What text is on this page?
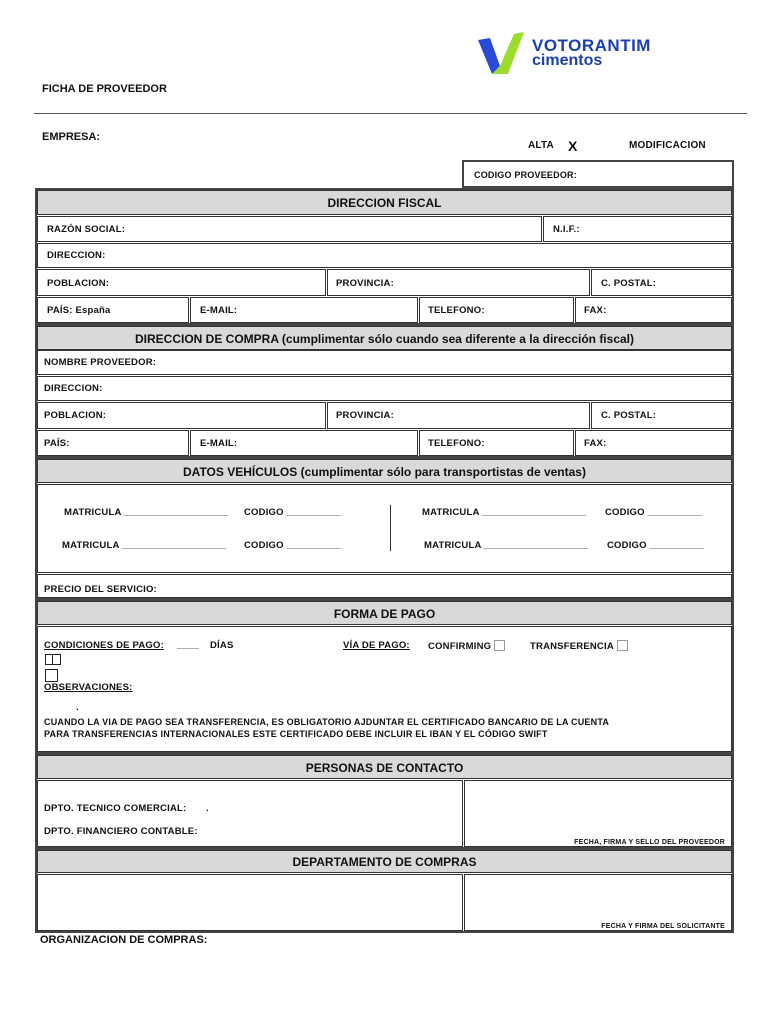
VOTORANTIM
cimentos
FICHA DE PROVEEDOR
EMPRESA:
ALTA X	MODIFICACION
CODIGO PROVEEDOR:
DIRECCION FISCAL
RAZÓN SOCIAL:	N.I.F.:
DIRECCION:
POBLACION:	PROVINCIA:	C. POSTAL:
PAÍS: España	E-MAIL:	TELEFONO:	FAX:
DIRECCION DE COMPRA (cumplimentar sólo cuando sea diferente a la dirección fiscal)
NOMBRE PROVEEDOR:
DIRECCION:
POBLACION:	PROVINCIA:	C. POSTAL:
PAÍS:	E-MAIL:	TELEFONO:	FAX:
DATOS VEHÍCULOS (cumplimentar sólo para transportistas de ventas)
MATRICULA ___________________ CODIGO __________	MATRICULA ___________________ CODIGO __________
MATRICULA ___________________ CODIGO __________	MATRICULA ___________________ CODIGO __________
PRECIO DEL SERVICIO:
FORMA DE PAGO
CONDICIONES DE PAGO: ____ DÍAS	VÍA DE PAGO: CONFIRMING	TRANSFERENCIA
OBSERVACIONES:
.
CUANDO LA VIA DE PAGO SEA TRANSFERENCIA, ES OBLIGATORIO AJDUNTAR EL CERTIFICADO BANCARIO DE LA CUENTA
PARA TRANSFERENCIAS INTERNACIONALES ESTE CERTIFICADO DEBE INCLUIR EL IBAN Y EL CÓDIGO SWIFT
PERSONAS DE CONTACTO
DPTO. TECNICO COMERCIAL: .
DPTO. FINANCIERO CONTABLE:
FECHA, FIRMA Y SELLO DEL PROVEEDOR
DEPARTAMENTO DE COMPRAS
FECHA Y FIRMA DEL SOLICITANTE
ORGANIZACION DE COMPRAS:
